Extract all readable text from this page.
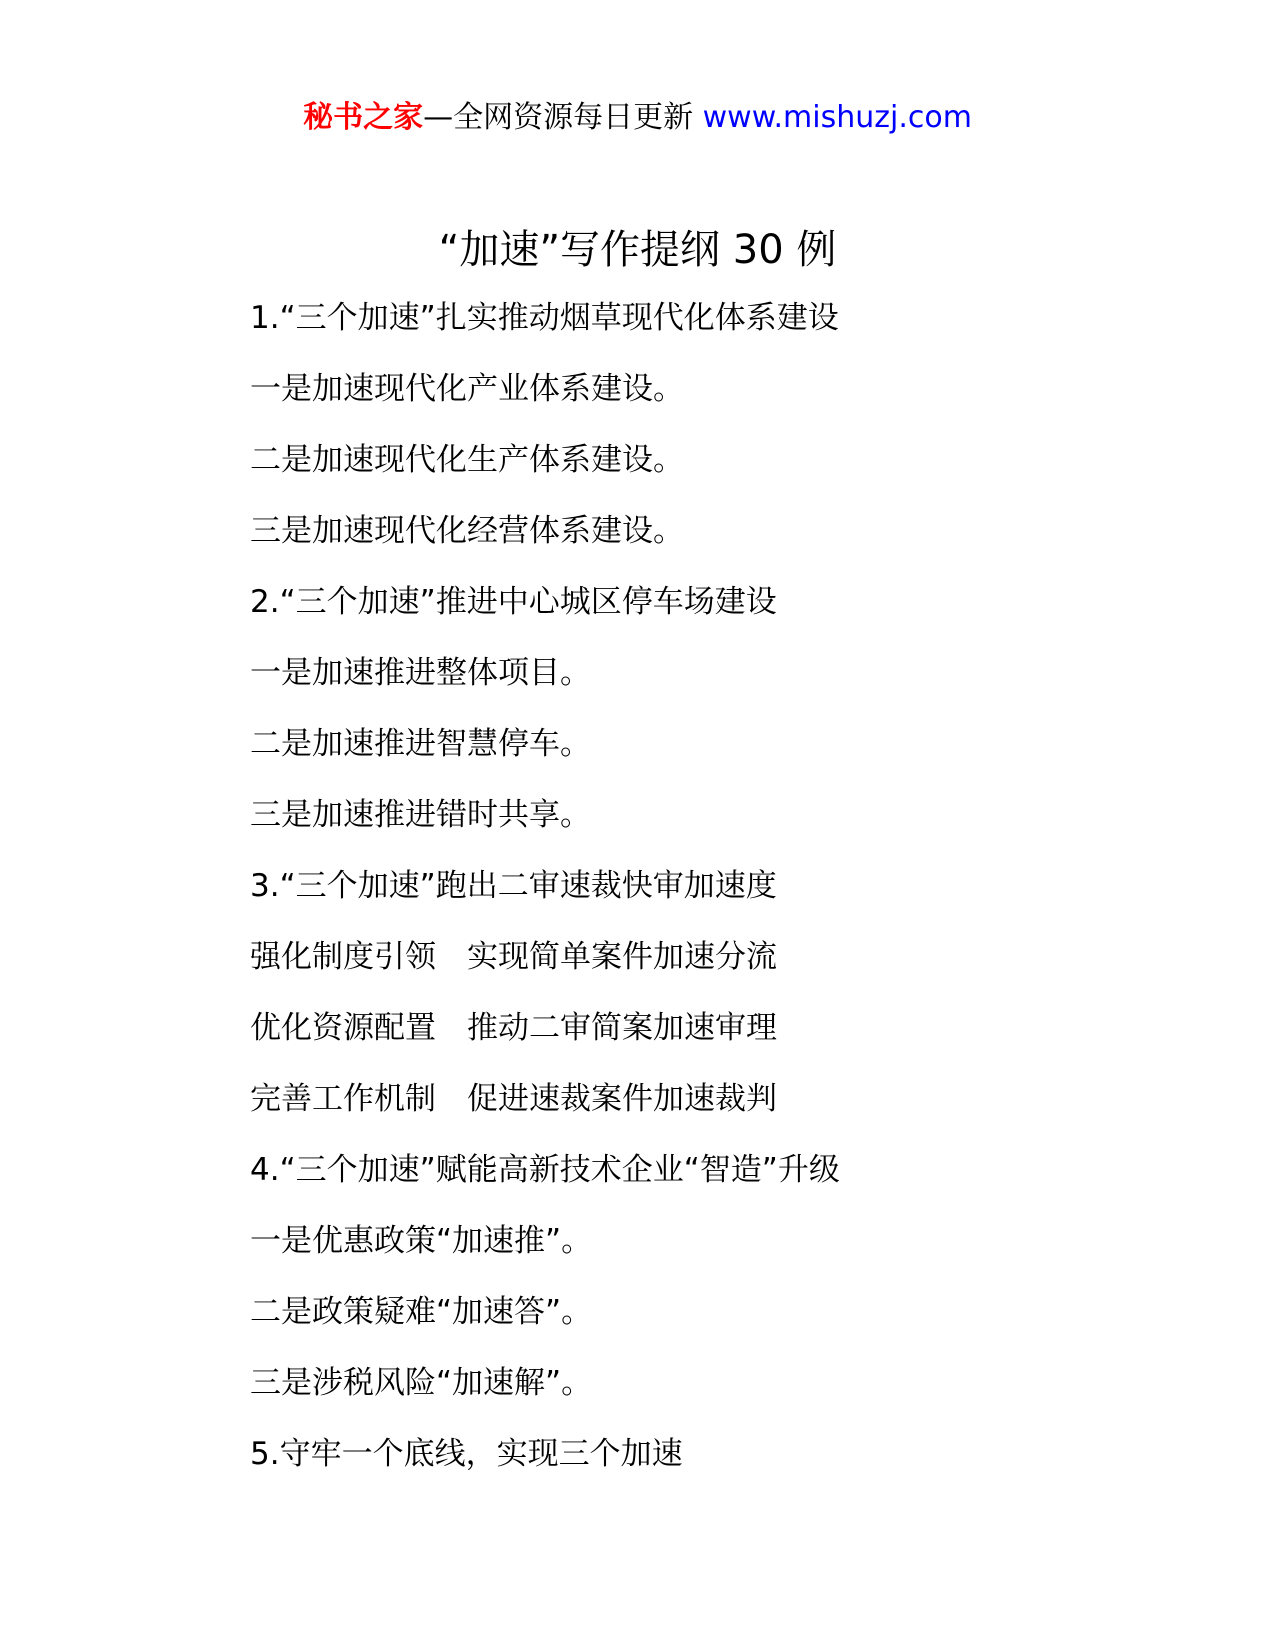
秘书之家—全网资源每日更新 www.mishuzj.com
“加速”写作提纲 30 例
1.“三个加速”扎实推动烟草现代化体系建设
一是加速现代化产业体系建设。
二是加速现代化生产体系建设。
三是加速现代化经营体系建设。
2.“三个加速”推进中心城区停车场建设
一是加速推进整体项目。
二是加速推进智慧停车。
三是加速推进错时共享。
3.“三个加速”跑出二审速裁快审加速度
强化制度引领　实现简单案件加速分流
优化资源配置　推动二审简案加速审理
完善工作机制　促进速裁案件加速裁判
4.“三个加速”赋能高新技术企业“智造”升级
一是优惠政策“加速推”。
二是政策疑难“加速答”。
三是涉税风险“加速解”。
5.守牢一个底线，实现三个加速
